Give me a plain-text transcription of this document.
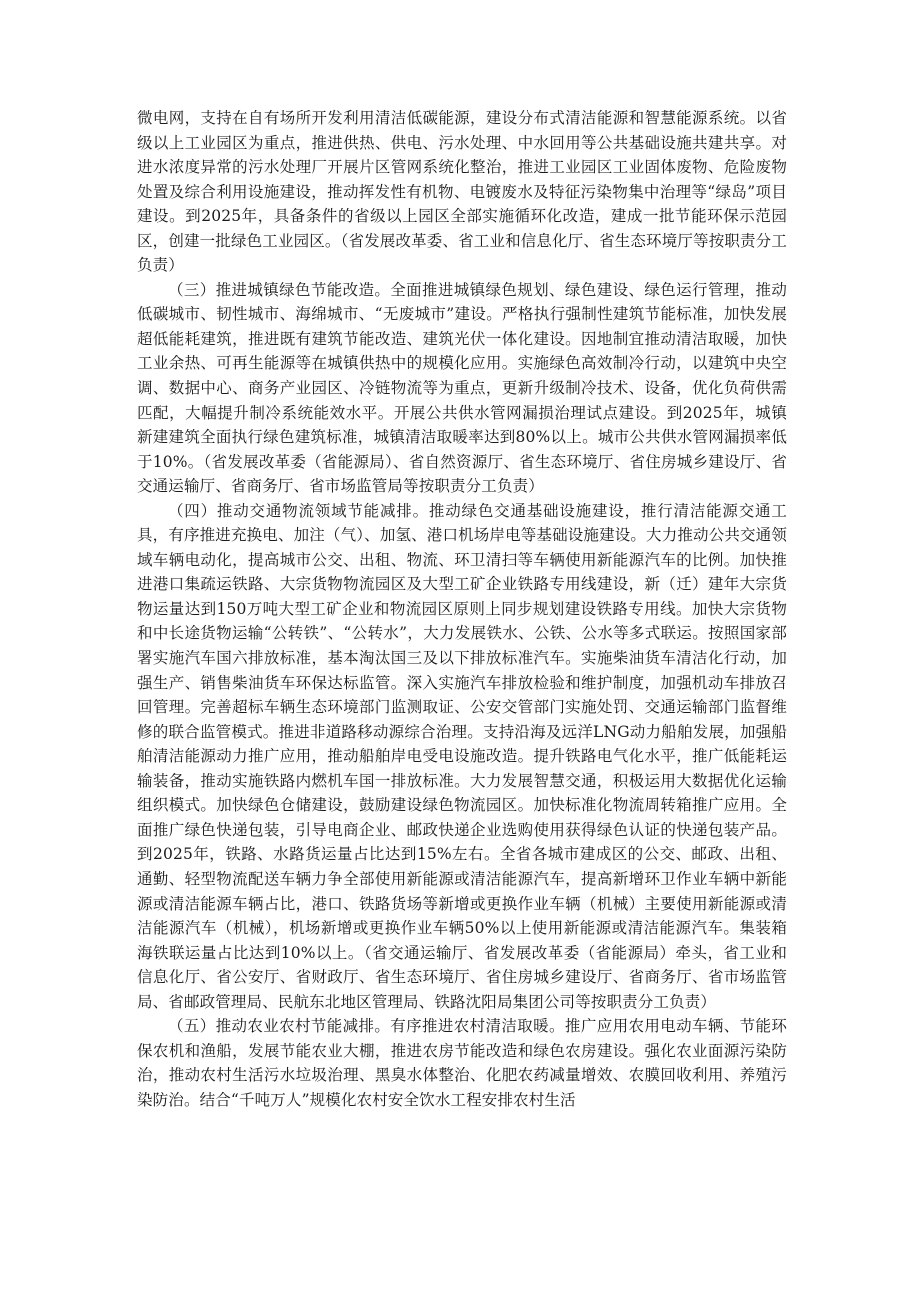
微电网，支持在自有场所开发利用清洁低碳能源，建设分布式清洁能源和智慧能源系统。以省级以上工业园区为重点，推进供热、供电、污水处理、中水回用等公共基础设施共建共享。对进水浓度异常的污水处理厂开展片区管网系统化整治，推进工业园区工业固体废物、危险废物处置及综合利用设施建设，推动挥发性有机物、电镀废水及特征污染物集中治理等“绿岛”项目建设。到2025年，具备条件的省级以上园区全部实施循环化改造，建成一批节能环保示范园区，创建一批绿色工业园区。（省发展改革委、省工业和信息化厅、省生态环境厅等按职责分工负责）

（三）推进城镇绿色节能改造。全面推进城镇绿色规划、绿色建设、绿色运行管理，推动低碳城市、韧性城市、海绵城市、“无废城市”建设。严格执行强制性建筑节能标准，加快发展超低能耗建筑，推进既有建筑节能改造、建筑光伏一体化建设。因地制宜推动清洁取暖，加快工业余热、可再生能源等在城镇供热中的规模化应用。实施绿色高效制冷行动，以建筑中央空调、数据中心、商务产业园区、冷链物流等为重点，更新升级制冷技术、设备，优化负荷供需匹配，大幅提升制冷系统能效水平。开展公共供水管网漏损治理试点建设。到2025年，城镇新建建筑全面执行绿色建筑标准，城镇清洁取暖率达到80%以上。城市公共供水管网漏损率低于10%。（省发展改革委（省能源局）、省自然资源厅、省生态环境厅、省住房城乡建设厅、省交通运输厅、省商务厅、省市场监管局等按职责分工负责）

（四）推动交通物流领域节能减排。推动绿色交通基础设施建设，推行清洁能源交通工具，有序推进充换电、加注（气）、加氢、港口机场岸电等基础设施建设。大力推动公共交通领域车辆电动化，提高城市公交、出租、物流、环卫清扫等车辆使用新能源汽车的比例。加快推进港口集疏运铁路、大宗货物物流园区及大型工矿企业铁路专用线建设，新（迁）建年大宗货物运量达到150万吨大型工矿企业和物流园区原则上同步规划建设铁路专用线。加快大宗货物和中长途货物运输“公转铁”、“公转水”，大力发展铁水、公铁、公水等多式联运。按照国家部署实施汽车国六排放标准，基本淘汰国三及以下排放标准汽车。实施柴油货车清洁化行动，加强生产、销售柴油货车环保达标监管。深入实施汽车排放检验和维护制度，加强机动车排放召回管理。完善超标车辆生态环境部门监测取证、公安交管部门实施处罚、交通运输部门监督维修的联合监管模式。推进非道路移动源综合治理。支持沿海及远洋LNG动力船舶发展，加强船舶清洁能源动力推广应用，推动船舶岸电受电设施改造。提升铁路电气化水平，推广低能耗运输装备，推动实施铁路内燃机车国一排放标准。大力发展智慧交通，积极运用大数据优化运输组织模式。加快绿色仓储建设，鼓励建设绿色物流园区。加快标准化物流周转箱推广应用。全面推广绿色快递包装，引导电商企业、邮政快递企业选购使用获得绿色认证的快递包装产品。到2025年，铁路、水路货运量占比达到15%左右。全省各城市建成区的公交、邮政、出租、通勤、轻型物流配送车辆力争全部使用新能源或清洁能源汽车，提高新增环卫作业车辆中新能源或清洁能源车辆占比，港口、铁路货场等新增或更换作业车辆（机械）主要使用新能源或清洁能源汽车（机械），机场新增或更换作业车辆50%以上使用新能源或清洁能源汽车。集装箱海铁联运量占比达到10%以上。（省交通运输厅、省发展改革委（省能源局）牵头，省工业和信息化厅、省公安厅、省财政厅、省生态环境厅、省住房城乡建设厅、省商务厅、省市场监管局、省邮政管理局、民航东北地区管理局、铁路沈阳局集团公司等按职责分工负责）

（五）推动农业农村节能减排。有序推进农村清洁取暖。推广应用农用电动车辆、节能环保农机和渔船，发展节能农业大棚，推进农房节能改造和绿色农房建设。强化农业面源污染防治，推动农村生活污水垃圾治理、黑臭水体整治、化肥农药减量增效、农膜回收利用、养殖污染防治。结合“千吨万人”规模化农村安全饮水工程安排农村生活
